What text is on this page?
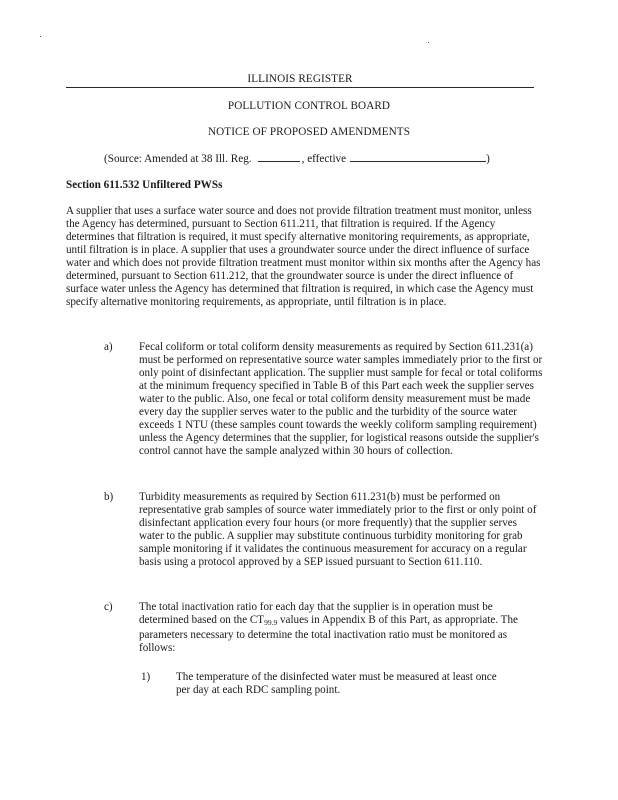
ILLINOIS REGISTER
POLLUTION CONTROL BOARD
NOTICE OF PROPOSED AMENDMENTS
(Source: Amended at 38 Ill. Reg.	, effective	)
Section 611.532 Unfiltered PWSs

A supplier that uses a surface water source and does not provide filtration treatment must monitor, unless the Agency has determined, pursuant to Section 611.211, that filtration is required. If the Agency determines that filtration is required, it must specify alternative monitoring requirements, as appropriate, until filtration is in place. A supplier that uses a groundwater source under the direct influence of surface water and which does not provide filtration treatment must monitor within six months after the Agency has determined, pursuant to Section 611.212, that the groundwater source is under the direct influence of surface water unless the Agency has determined that filtration is required, in which case the Agency must specify alternative monitoring requirements, as appropriate, until filtration is in place.

a) Fecal coliform or total coliform density measurements as required by Section 611.231(a) must be performed on representative source water samples immediately prior to the first or only point of disinfectant application. The supplier must sample for fecal or total coliforms at the minimum frequency specified in Table B of this Part each week the supplier serves water to the public. Also, one fecal or total coliform density measurement must be made every day the supplier serves water to the public and the turbidity of the source water exceeds 1 NTU (these samples count towards the weekly coliform sampling requirement) unless the Agency determines that the supplier, for logistical reasons outside the supplier's control cannot have the sample analyzed within 30 hours of collection.

b) Turbidity measurements as required by Section 611.231(b) must be performed on representative grab samples of source water immediately prior to the first or only point of disinfectant application every four hours (or more frequently) that the supplier serves water to the public. A supplier may substitute continuous turbidity monitoring for grab sample monitoring if it validates the continuous measurement for accuracy on a regular basis using a protocol approved by a SEP issued pursuant to Section 611.110.

c) The total inactivation ratio for each day that the supplier is in operation must be determined based on the $CT_{99.9}$ values in Appendix B of this Part, as appropriate. The parameters necessary to determine the total inactivation ratio must be monitored as follows:

1) The temperature of the disinfected water must be measured at least once per day at each RDC sampling point.
